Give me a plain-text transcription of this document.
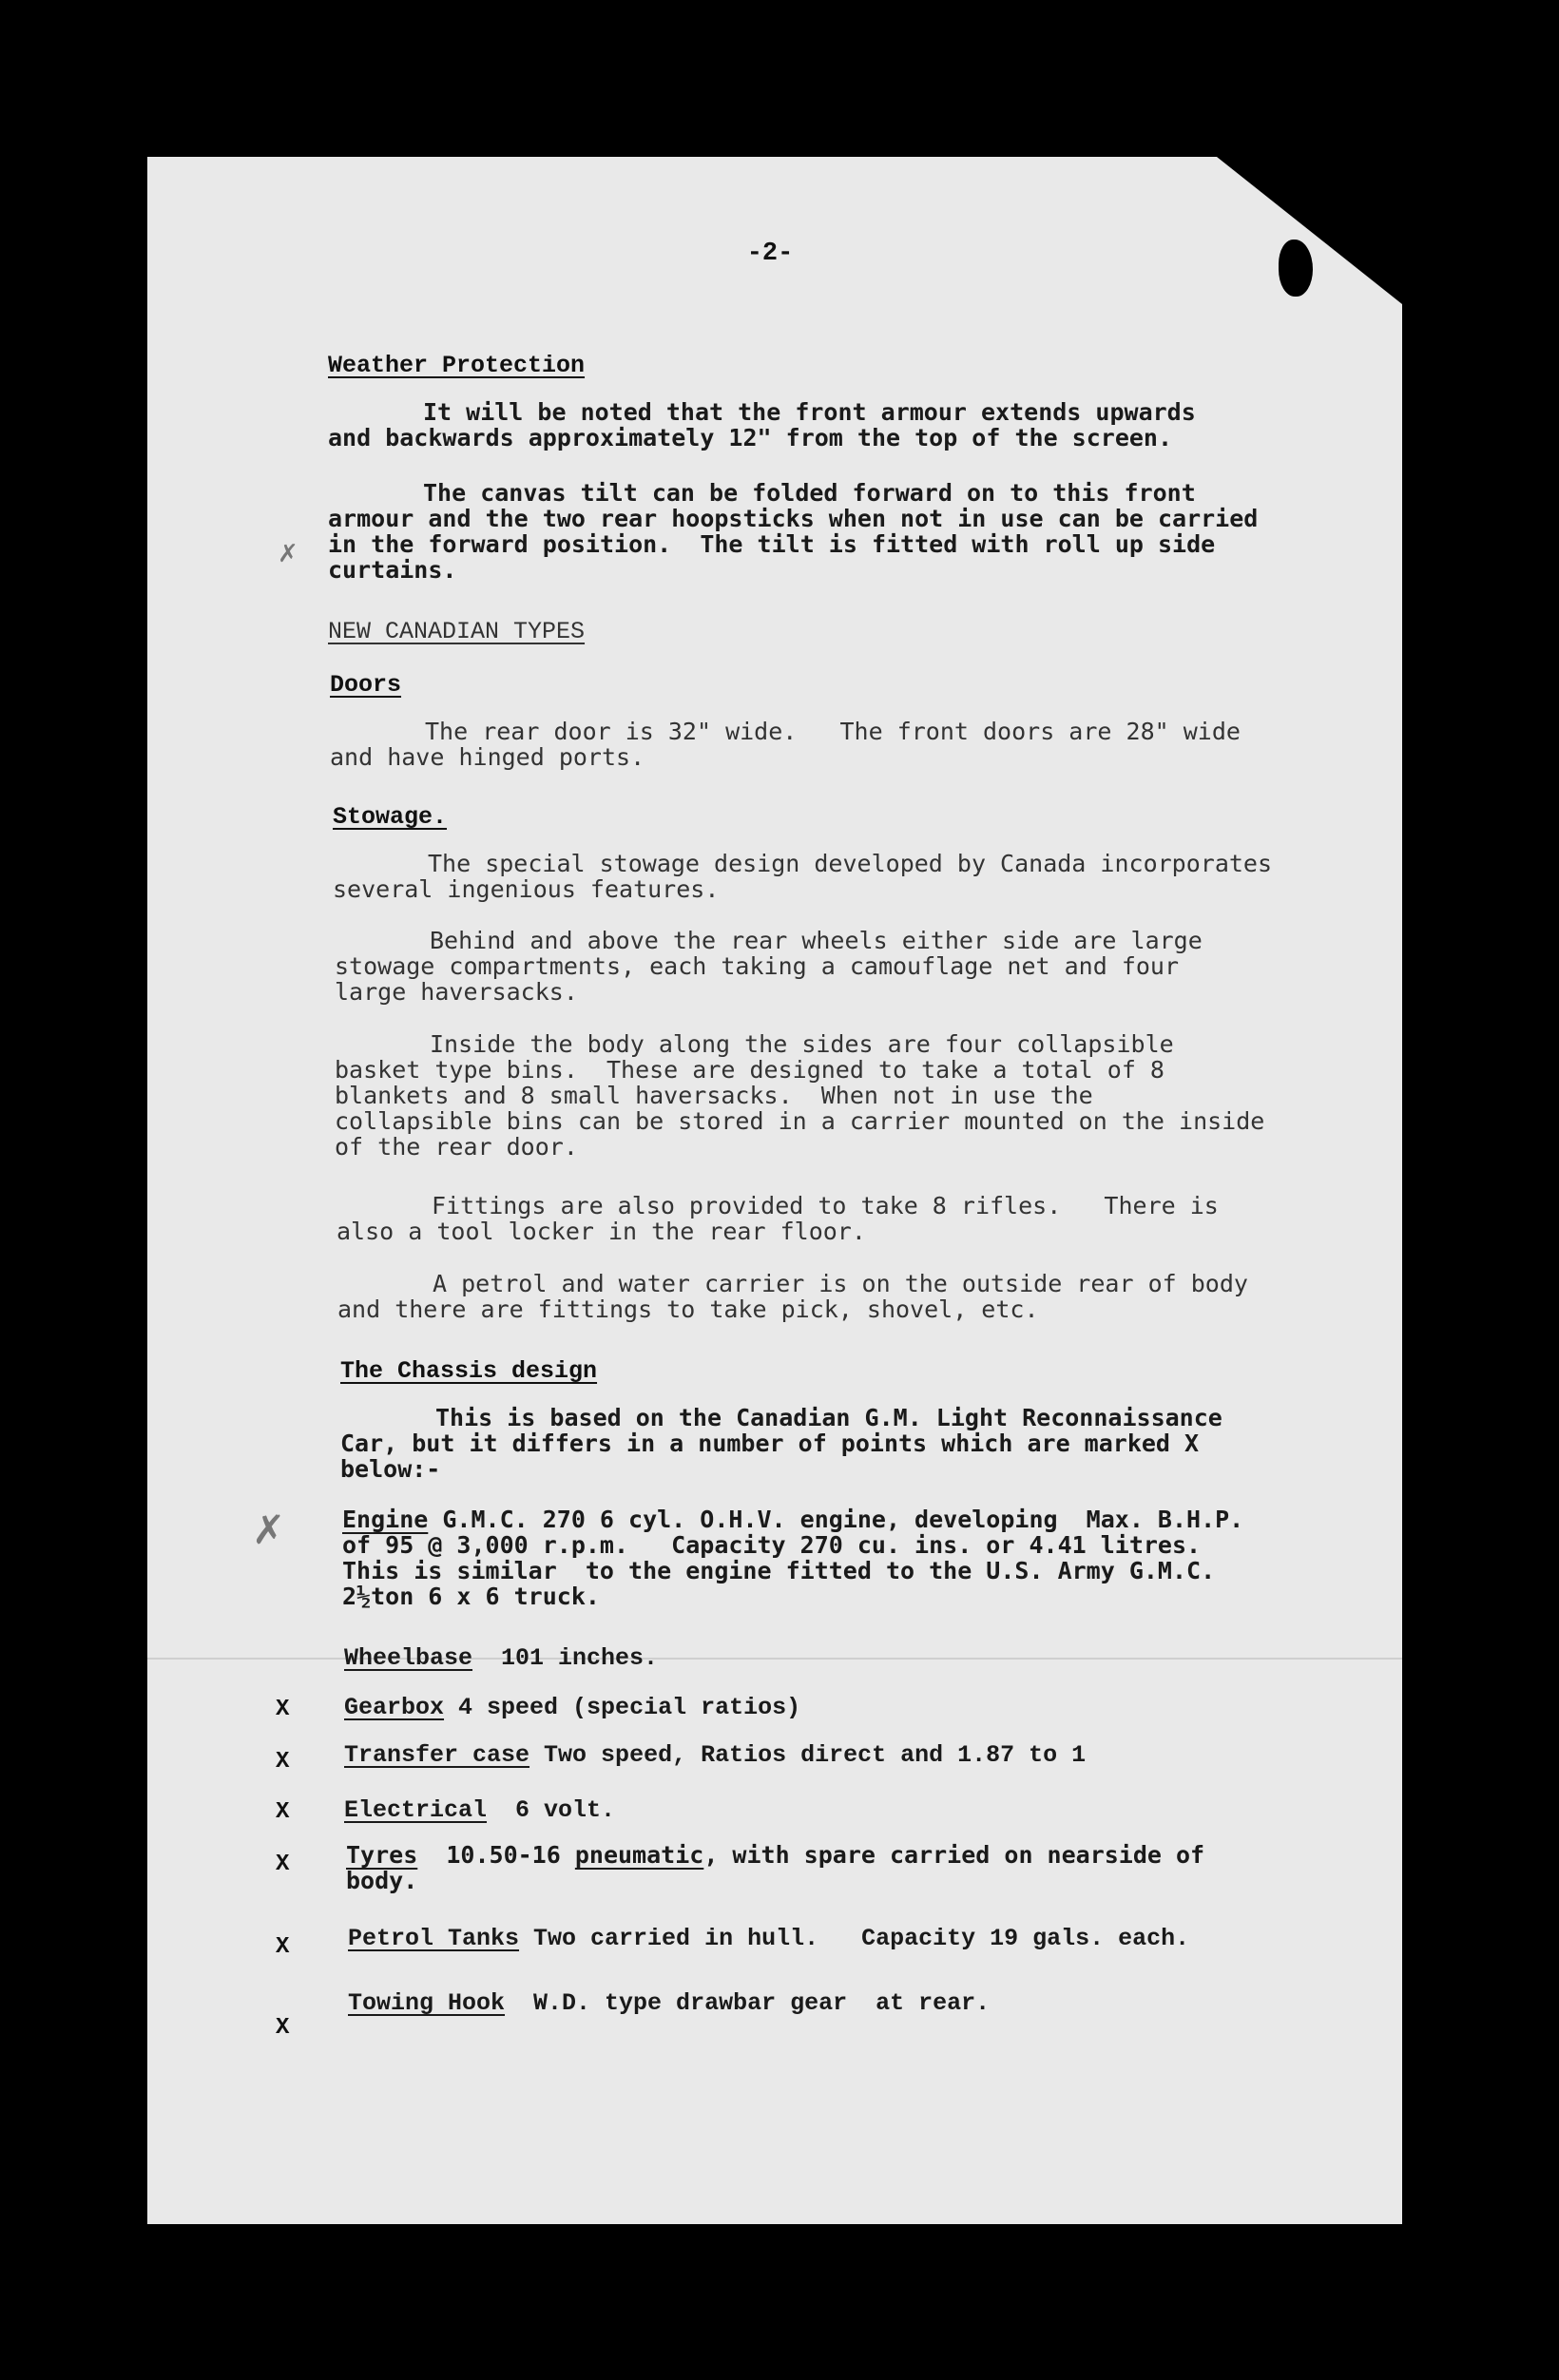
-2-
Weather Protection
It will be noted that the front armour extends upwards
and backwards approximately 12" from the top of the screen.
The canvas tilt can be folded forward on to this front
armour and the two rear hoopsticks when not in use can be carried
in the forward position.  The tilt is fitted with roll up side
curtains.
✗
NEW CANADIAN TYPES
Doors
The rear door is 32" wide.   The front doors are 28" wide
and have hinged ports.
Stowage.
The special stowage design developed by Canada incorporates
several ingenious features.
Behind and above the rear wheels either side are large
stowage compartments, each taking a camouflage net and four
large haversacks.
Inside the body along the sides are four collapsible
basket type bins.  These are designed to take a total of 8
blankets and 8 small haversacks.  When not in use the
collapsible bins can be stored in a carrier mounted on the inside
of the rear door.
Fittings are also provided to take 8 rifles.   There is
also a tool locker in the rear floor.
A petrol and water carrier is on the outside rear of body
and there are fittings to take pick, shovel, etc.
The Chassis design
This is based on the Canadian G.M. Light Reconnaissance
Car, but it differs in a number of points which are marked X
below:-
✗ Engine G.M.C. 270 6 cyl. O.H.V. engine, developing  Max. B.H.P.
of 95 @ 3,000 r.p.m.   Capacity 270 cu. ins. or 4.41 litres.
This is similar  to the engine fitted to the U.S. Army G.M.C.
2½ton 6 x 6 truck.
Wheelbase  101 inches.
X Gearbox 4 speed (special ratios)
X Transfer case Two speed, Ratios direct and 1.87 to 1
X Electrical  6 volt.
X Tyres  10.50-16 pneumatic, with spare carried on nearside of
body.
X Petrol Tanks Two carried in hull.   Capacity 19 gals. each.
X
Towing Hook  W.D. type drawbar gear  at rear.
